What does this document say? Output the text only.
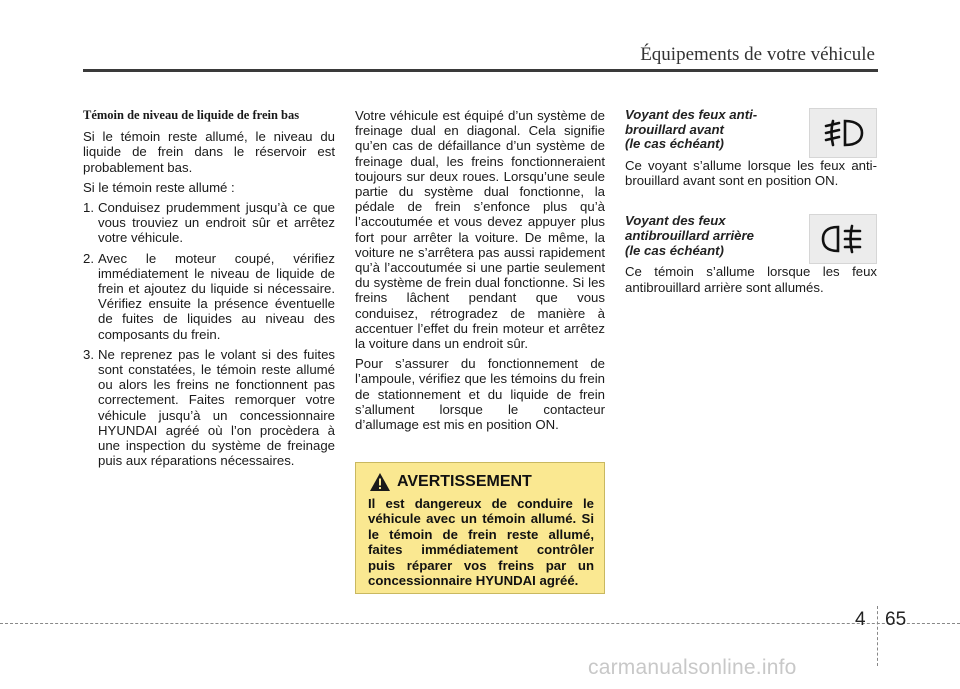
Équipements de votre véhicule
Témoin de niveau de liquide de frein bas

Si le témoin reste allumé, le niveau du liquide de frein dans le réservoir est probablement bas.

Si le témoin reste allumé :

1. Conduisez prudemment jusqu’à ce que vous trouviez un endroit sûr et arrêtez votre véhicule.
2. Avec le moteur coupé, vérifiez immédiatement le niveau de liquide de frein et ajoutez du liquide si nécessaire. Vérifiez ensuite la présence éventuelle de fuites de liquides au niveau des composants du frein.
3. Ne reprenez pas le volant si des fuites sont constatées, le témoin reste allumé ou alors les freins ne fonctionnent pas correctement. Faites remorquer votre véhicule jusqu’à un concessionnaire HYUNDAI agréé où l’on procèdera à une inspection du système de freinage puis aux réparations nécessaires.

Votre véhicule est équipé d’un système de freinage dual en diagonal. Cela signifie qu’en cas de défaillance d’un système de freinage dual, les freins fonctionneraient toujours sur deux roues. Lorsqu’une seule partie du système dual fonctionne, la pédale de frein s’enfonce plus qu’à l’accoutumée et vous devez appuyer plus fort pour arrêter la voiture. De même, la voiture ne s’arrêtera pas aussi rapidement qu’à l’accoutumée si une partie seulement du système de frein dual fonctionne. Si les freins lâchent pendant que vous conduisez, rétrogradez de manière à accentuer l’effet du frein moteur et arrêtez la voiture dans un endroit sûr.

Pour s’assurer du fonctionnement de l’ampoule, vérifiez que les témoins du frein de stationnement et du liquide de frein s’allument lorsque le contacteur d’allumage est mis en position ON.

AVERTISSEMENT
Il est dangereux de conduire le véhicule avec un témoin allumé. Si le témoin de frein reste allumé, faites immédiatement contrôler puis réparer vos freins par un concessionnaire HYUNDAI agréé.
Voyant des feux anti-
brouillard avant
(le cas échéant)

Ce voyant s’allume lorsque les feux anti-brouillard avant sont en position ON.

Voyant des feux
antibrouillard arrière
(le cas échéant)

Ce témoin s’allume lorsque les feux antibrouillard arrière sont allumés.

4 65
carmanualsonline.info
